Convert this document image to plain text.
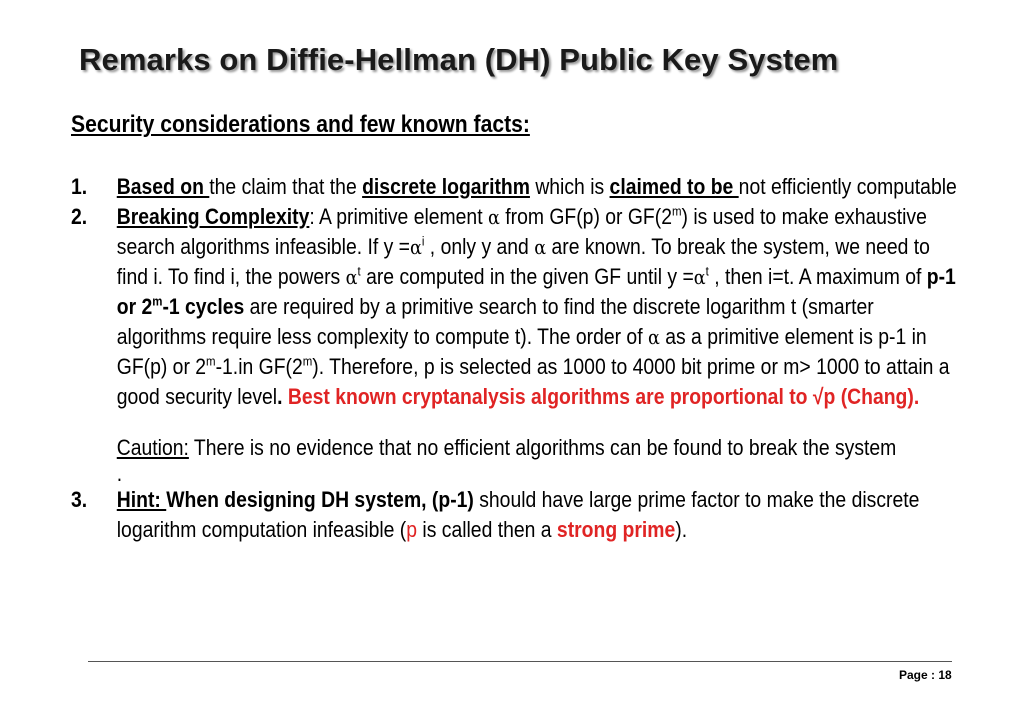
Remarks on Diffie-Hellman (DH) Public Key System
Security considerations and few known facts:
1. Based on the claim that the discrete logarithm which is claimed to be not efficiently computable
2. Breaking Complexity: A primitive element α from GF(p) or GF(2$^m$) is used to make exhaustive search algorithms infeasible. If $y =\alpha^i$ , only y and α are known. To break the system, we need to find i. To find i, the powers $\alpha^t$ are computed in the given GF until $y =\alpha^t$ , then i=t. A maximum of p-1 or 2$^m$-1 cycles are required by a primitive search to find the discrete logarithm t (smarter algorithms require less complexity to compute t). The order of α as a primitive element is p-1 in GF(p) or 2$^m$-1.in GF(2$^m$). Therefore, p is selected as 1000 to 4000 bit prime or m> 1000 to attain a good security level. Best known cryptanalysis algorithms are proportional to √p (Chang).
Caution: There is no evidence that no efficient algorithms can be found to break the system
.
3. Hint: When designing DH system, (p-1) should have large prime factor to make the discrete logarithm computation infeasible (p is called then a strong prime).
Page : 18
